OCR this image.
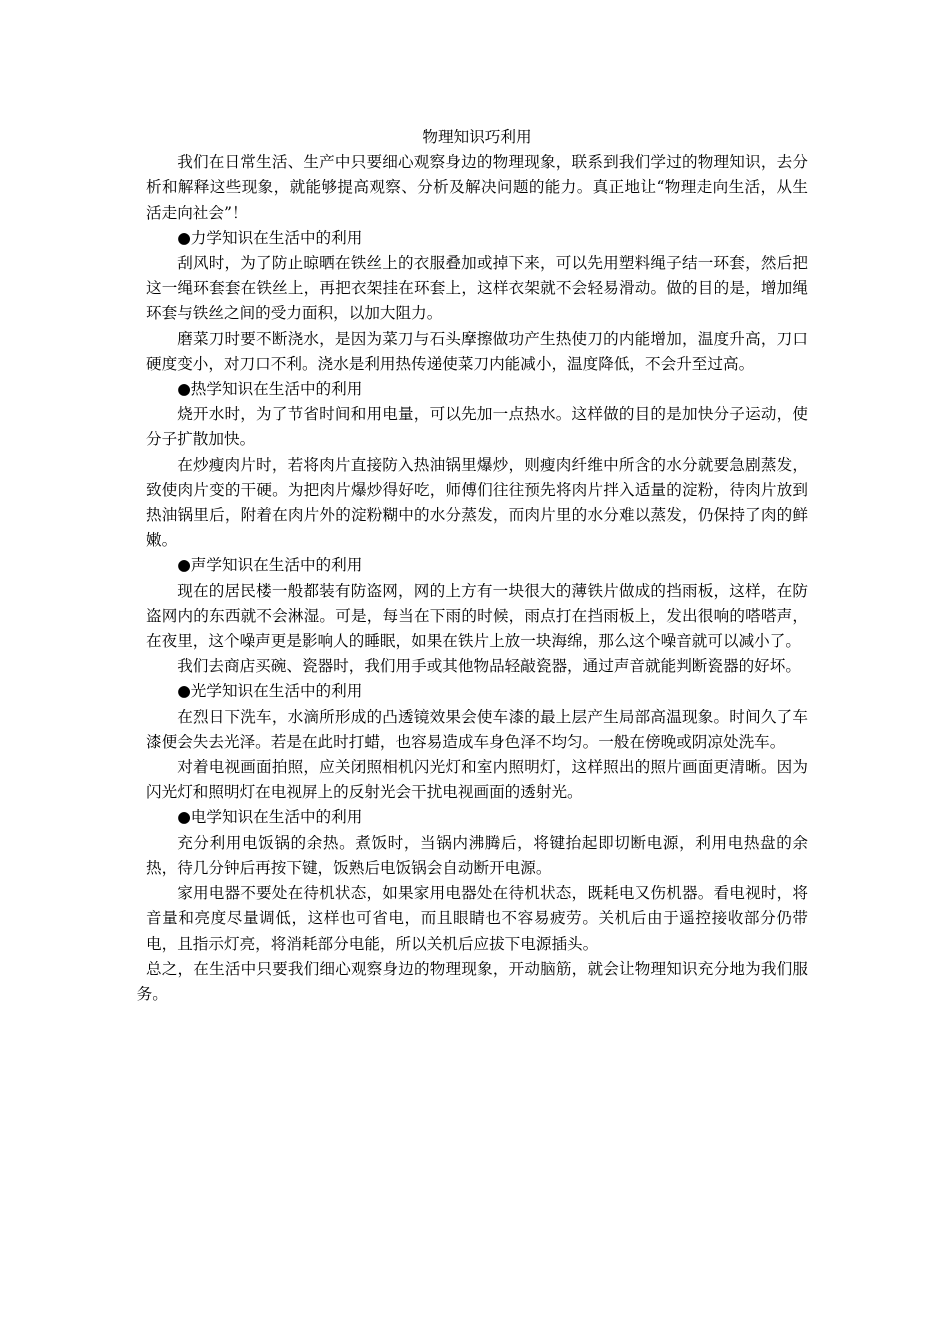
物理知识巧利用

我们在日常生活、生产中只要细心观察身边的物理现象，联系到我们学过的物理知识，去分析和解释这些现象，就能够提高观察、分析及解决问题的能力。真正地让“物理走向生活，从生活走向社会”！

●力学知识在生活中的利用

刮风时，为了防止晾晒在铁丝上的衣服叠加或掉下来，可以先用塑料绳子结一环套，然后把这一绳环套套在铁丝上，再把衣架挂在环套上，这样衣架就不会轻易滑动。做的目的是，增加绳环套与铁丝之间的受力面积，以加大阻力。

磨菜刀时要不断浇水，是因为菜刀与石头摩擦做功产生热使刀的内能增加，温度升高，刀口硬度变小，对刀口不利。浇水是利用热传递使菜刀内能减小，温度降低，不会升至过高。

●热学知识在生活中的利用

烧开水时，为了节省时间和用电量，可以先加一点热水。这样做的目的是加快分子运动，使分子扩散加快。

在炒瘦肉片时，若将肉片直接防入热油锅里爆炒，则瘦肉纤维中所含的水分就要急剧蒸发，致使肉片变的干硬。为把肉片爆炒得好吃，师傅们往往预先将肉片拌入适量的淀粉，待肉片放到热油锅里后，附着在肉片外的淀粉糊中的水分蒸发，而肉片里的水分难以蒸发，仍保持了肉的鲜嫩。

●声学知识在生活中的利用

现在的居民楼一般都装有防盗网，网的上方有一块很大的薄铁片做成的挡雨板，这样，在防盗网内的东西就不会淋湿。可是，每当在下雨的时候，雨点打在挡雨板上，发出很响的嗒嗒声，在夜里，这个噪声更是影响人的睡眠，如果在铁片上放一块海绵，那么这个噪音就可以减小了。

我们去商店买碗、瓷器时，我们用手或其他物品轻敲瓷器，通过声音就能判断瓷器的好坏。

●光学知识在生活中的利用

在烈日下洗车，水滴所形成的凸透镜效果会使车漆的最上层产生局部高温现象。时间久了车漆便会失去光泽。若是在此时打蜡，也容易造成车身色泽不均匀。一般在傍晚或阴凉处洗车。

对着电视画面拍照，应关闭照相机闪光灯和室内照明灯，这样照出的照片画面更清晰。因为闪光灯和照明灯在电视屏上的反射光会干扰电视画面的透射光。

●电学知识在生活中的利用

充分利用电饭锅的余热。煮饭时，当锅内沸腾后，将键抬起即切断电源，利用电热盘的余热，待几分钟后再按下键，饭熟后电饭锅会自动断开电源。

家用电器不要处在待机状态，如果家用电器处在待机状态，既耗电又伤机器。看电视时，将音量和亮度尽量调低，这样也可省电，而且眼睛也不容易疲劳。关机后由于遥控接收部分仍带电，且指示灯亮，将消耗部分电能，所以关机后应拔下电源插头。

总之，在生活中只要我们细心观察身边的物理现象，开动脑筋，就会让物理知识充分地为我们服务。
